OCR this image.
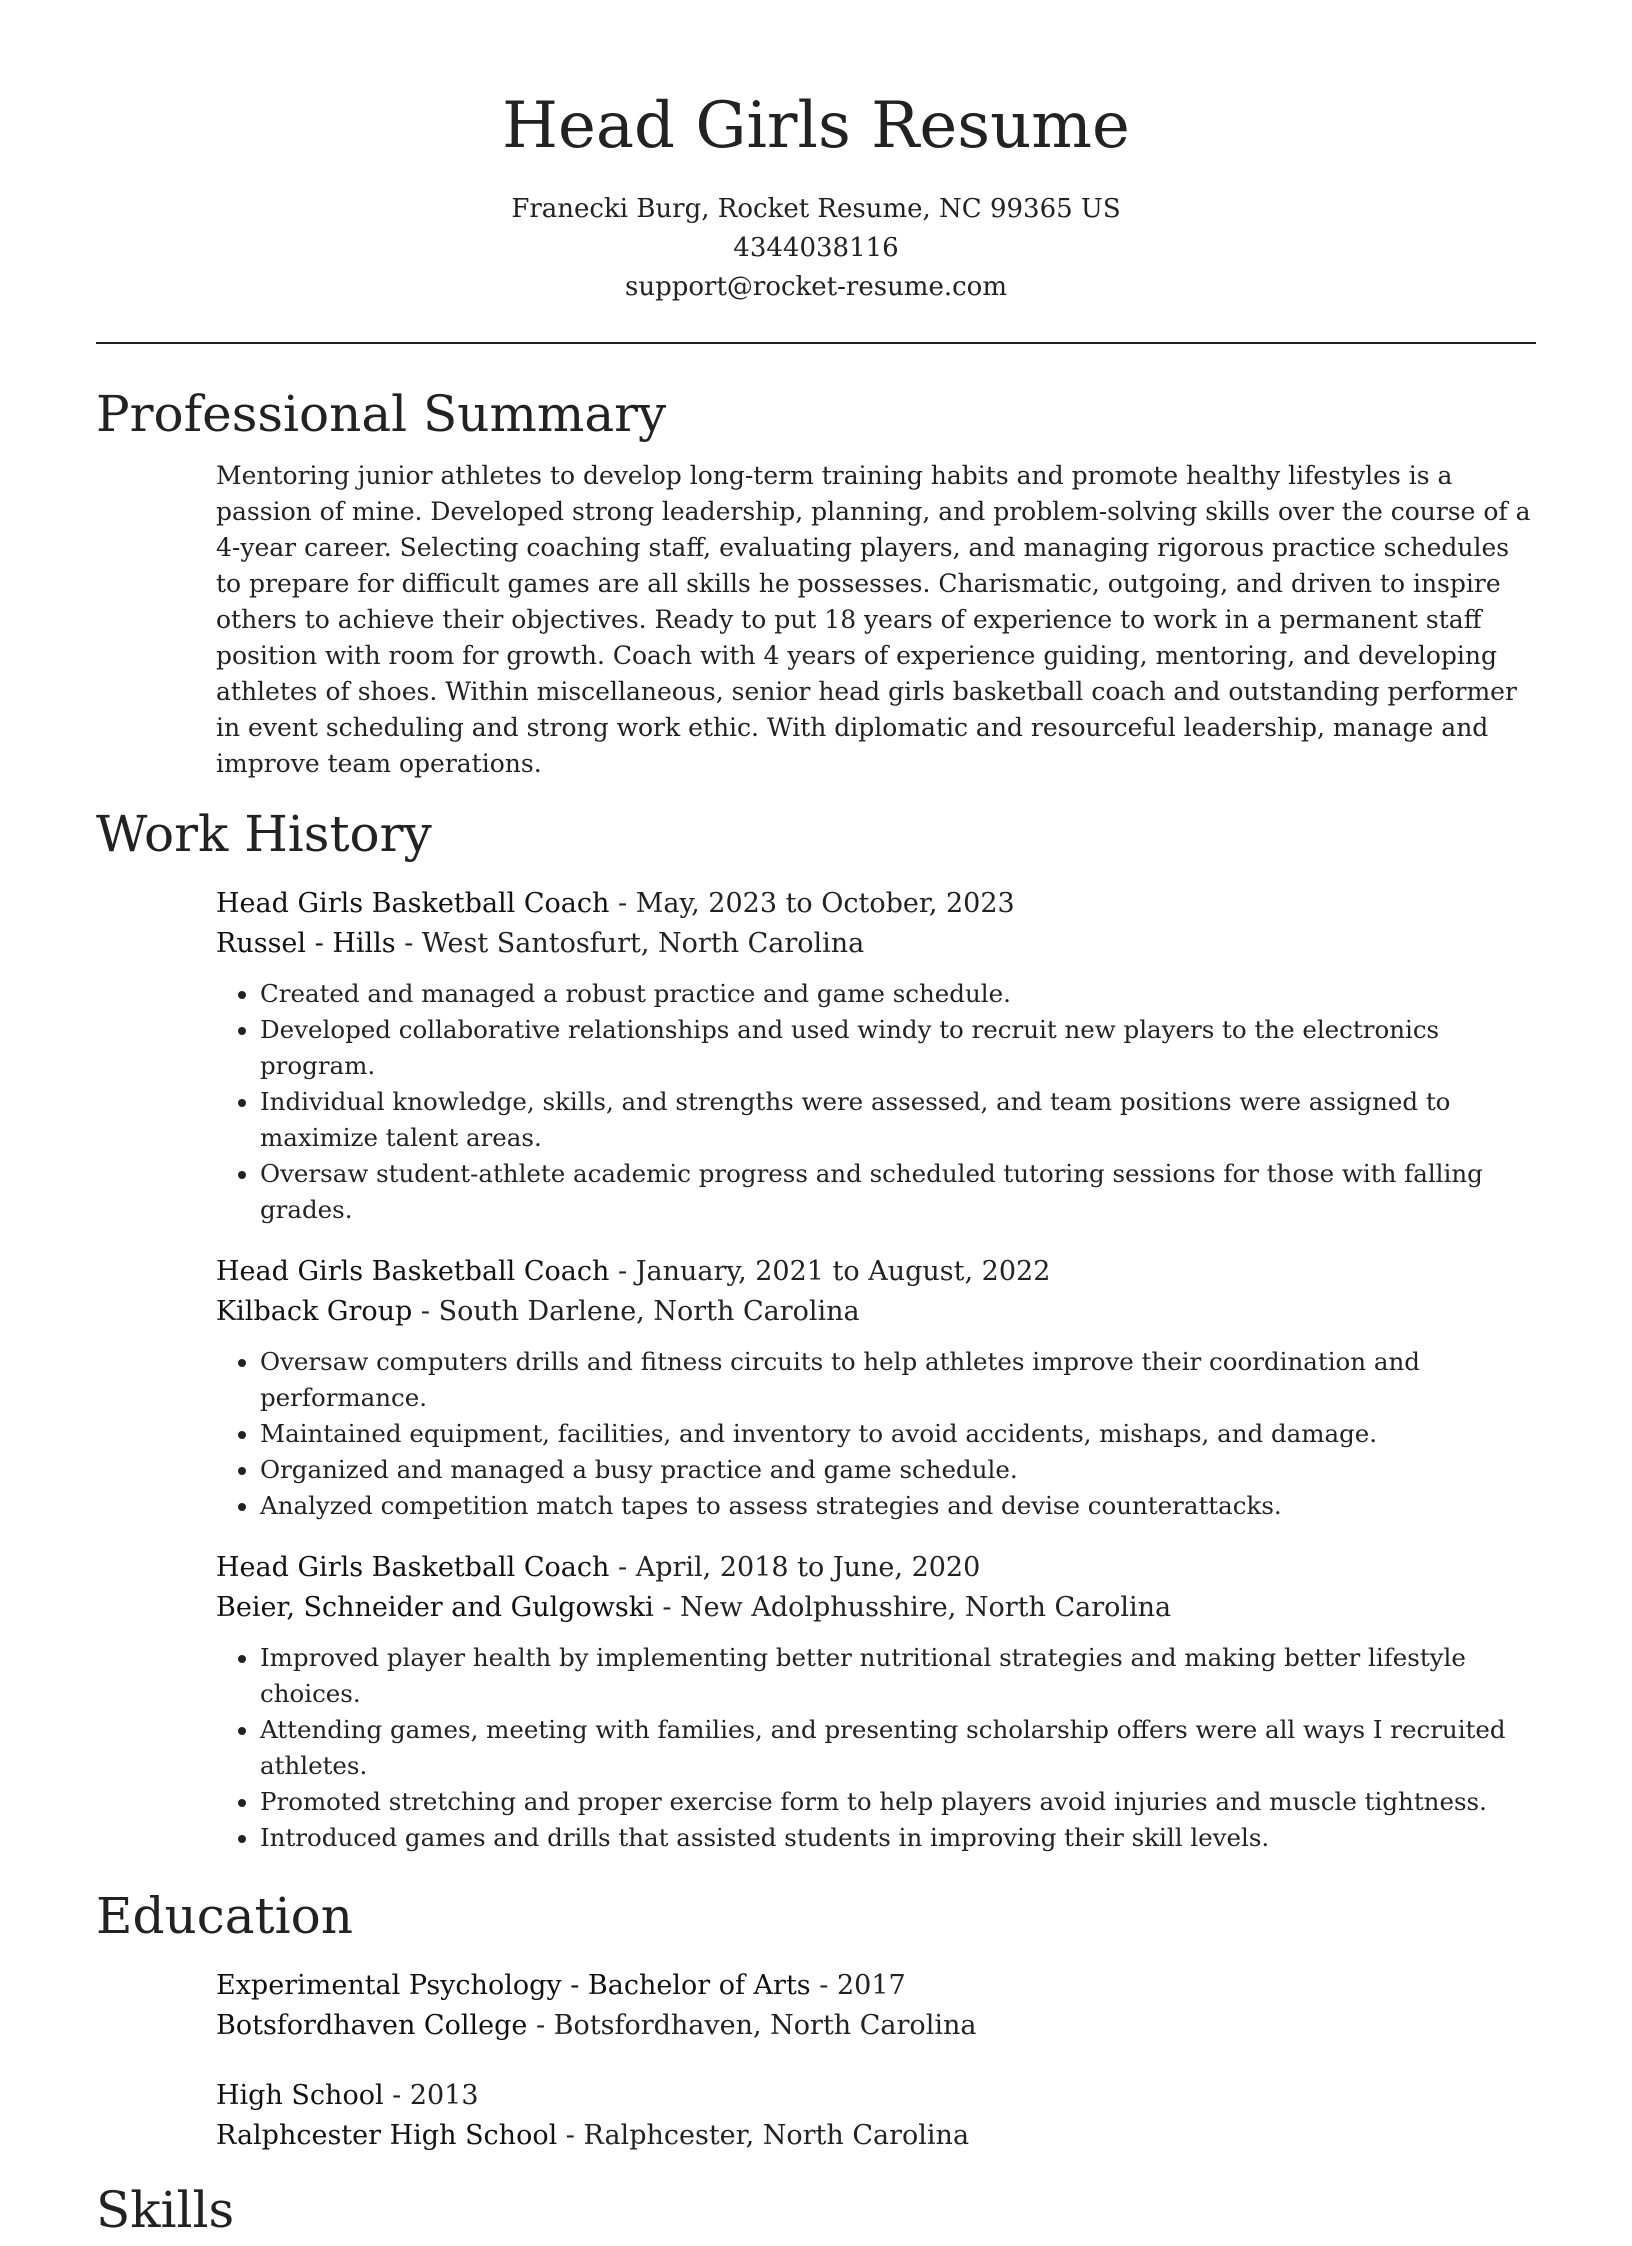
Head Girls Resume
Franecki Burg, Rocket Resume, NC 99365 US
4344038116
support@rocket-resume.com
Professional Summary
Mentoring junior athletes to develop long-term training habits and promote healthy lifestyles is a passion of mine. Developed strong leadership, planning, and problem-solving skills over the course of a 4-year career. Selecting coaching staff, evaluating players, and managing rigorous practice schedules to prepare for difficult games are all skills he possesses. Charismatic, outgoing, and driven to inspire others to achieve their objectives. Ready to put 18 years of experience to work in a permanent staff position with room for growth. Coach with 4 years of experience guiding, mentoring, and developing athletes of shoes. Within miscellaneous, senior head girls basketball coach and outstanding performer in event scheduling and strong work ethic. With diplomatic and resourceful leadership, manage and improve team operations.
Work History
Head Girls Basketball Coach - May, 2023 to October, 2023
Russel - Hills - West Santosfurt, North Carolina
• Created and managed a robust practice and game schedule.
• Developed collaborative relationships and used windy to recruit new players to the electronics program.
• Individual knowledge, skills, and strengths were assessed, and team positions were assigned to maximize talent areas.
• Oversaw student-athlete academic progress and scheduled tutoring sessions for those with falling grades.
Head Girls Basketball Coach - January, 2021 to August, 2022
Kilback Group - South Darlene, North Carolina
• Oversaw computers drills and fitness circuits to help athletes improve their coordination and performance.
• Maintained equipment, facilities, and inventory to avoid accidents, mishaps, and damage.
• Organized and managed a busy practice and game schedule.
• Analyzed competition match tapes to assess strategies and devise counterattacks.
Head Girls Basketball Coach - April, 2018 to June, 2020
Beier, Schneider and Gulgowski - New Adolphusshire, North Carolina
• Improved player health by implementing better nutritional strategies and making better lifestyle choices.
• Attending games, meeting with families, and presenting scholarship offers were all ways I recruited athletes.
• Promoted stretching and proper exercise form to help players avoid injuries and muscle tightness.
• Introduced games and drills that assisted students in improving their skill levels.
Education
Experimental Psychology - Bachelor of Arts - 2017
Botsfordhaven College - Botsfordhaven, North Carolina
High School - 2013
Ralphcester High School - Ralphcester, North Carolina
Skills
